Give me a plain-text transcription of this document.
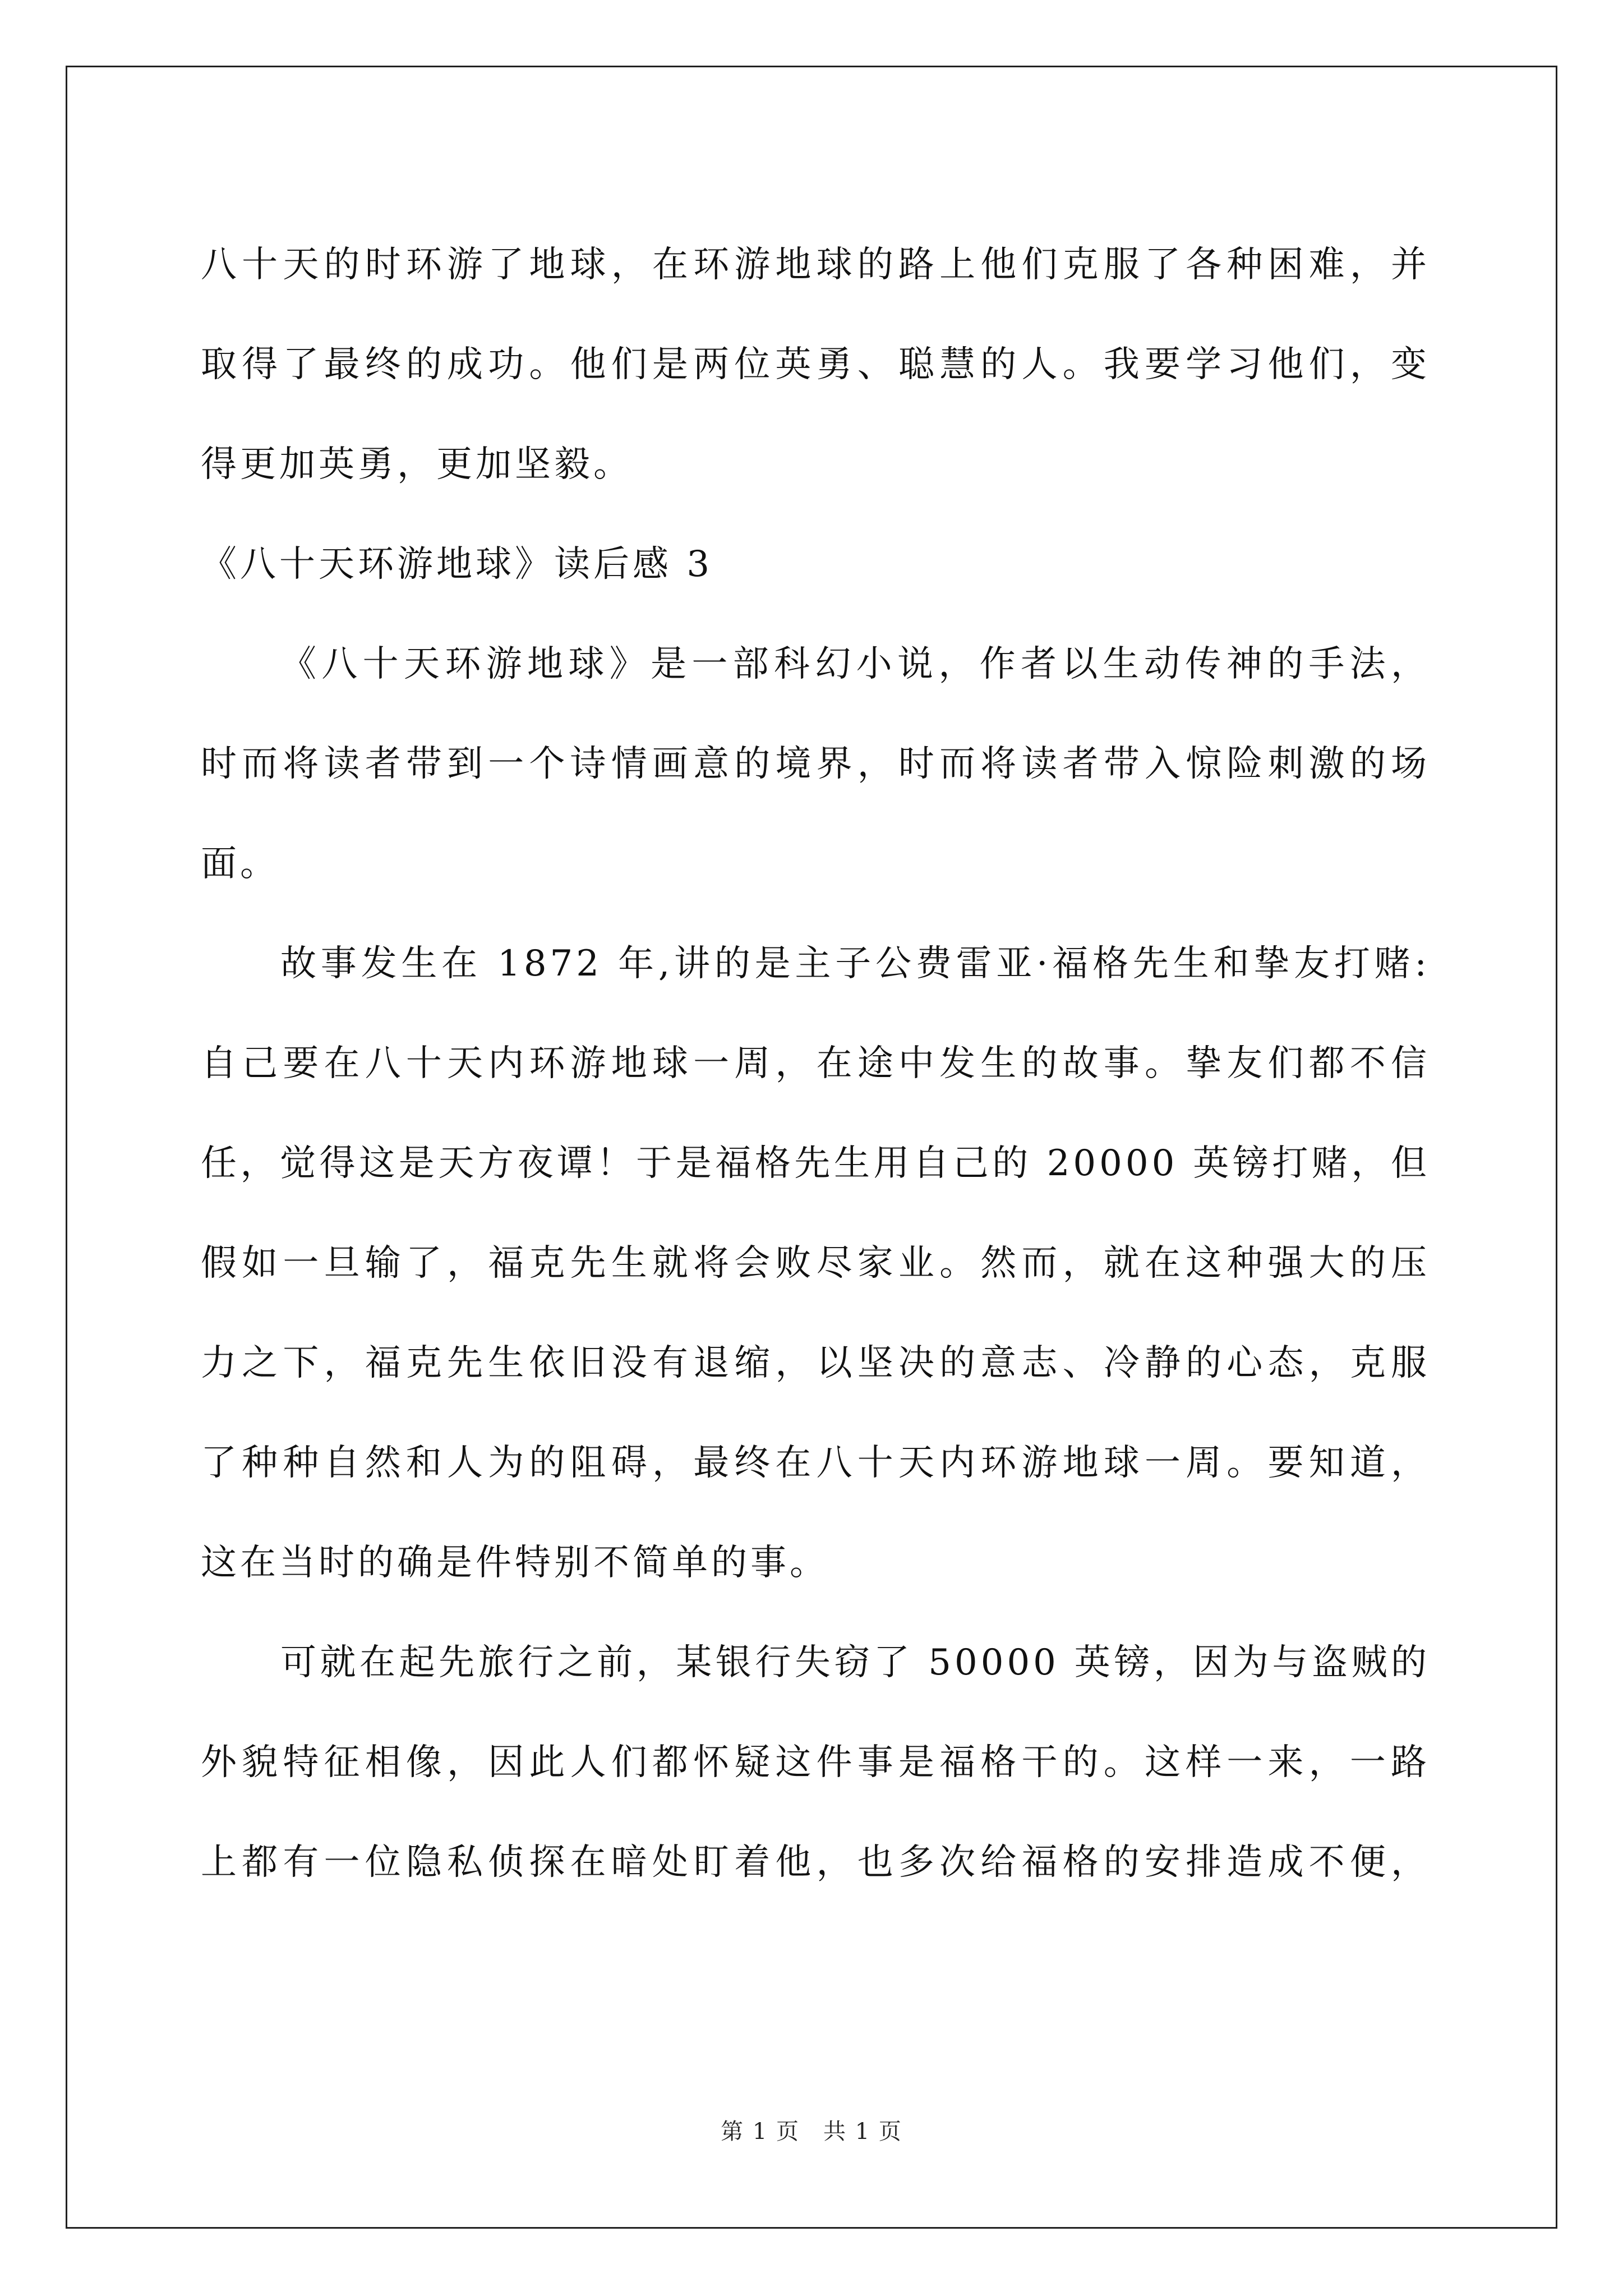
八十天的时环游了地球，在环游地球的路上他们克服了各种困难，并
取得了最终的成功。他们是两位英勇、聪慧的人。我要学习他们，变
得更加英勇，更加坚毅。
《八十天环游地球》读后感 3
《八十天环游地球》是一部科幻小说，作者以生动传神的手法，
时而将读者带到一个诗情画意的境界，时而将读者带入惊险刺激的场
面。
故事发生在 1872 年,讲的是主子公费雷亚·福格先生和挚友打赌:
自己要在八十天内环游地球一周，在途中发生的故事。挚友们都不信
任，觉得这是天方夜谭！于是福格先生用自己的 20000 英镑打赌，但
假如一旦输了，福克先生就将会败尽家业。然而，就在这种强大的压
力之下，福克先生依旧没有退缩，以坚决的意志、冷静的心态，克服
了种种自然和人为的阻碍，最终在八十天内环游地球一周。要知道，
这在当时的确是件特别不简单的事。
可就在起先旅行之前，某银行失窃了 50000 英镑，因为与盗贼的
外貌特征相像，因此人们都怀疑这件事是福格干的。这样一来，一路
上都有一位隐私侦探在暗处盯着他，也多次给福格的安排造成不便，
第 1 页　共 1 页
